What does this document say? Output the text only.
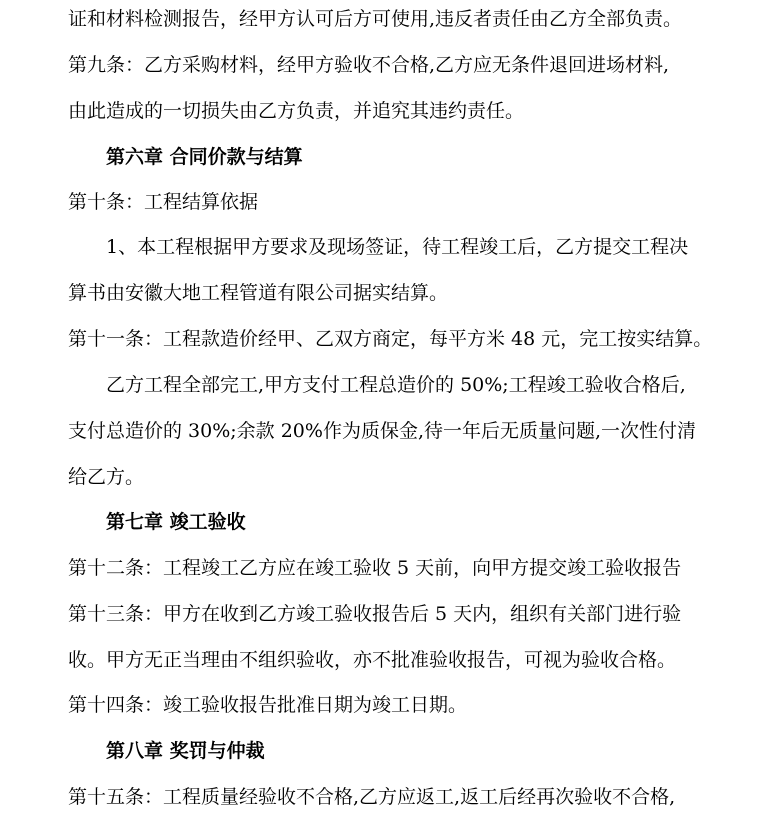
证和材料检测报告，经甲方认可后方可使用,违反者责任由乙方全部负责。
第九条：乙方采购材料，经甲方验收不合格,乙方应无条件退回进场材料,
由此造成的一切损失由乙方负责，并追究其违约责任。
第六章 合同价款与结算
第十条：工程结算依据
1、本工程根据甲方要求及现场签证，待工程竣工后，乙方提交工程决
算书由安徽大地工程管道有限公司据实结算。
第十一条：工程款造价经甲、乙双方商定，每平方米 48 元，完工按实结算。
乙方工程全部完工,甲方支付工程总造价的 50%;工程竣工验收合格后,
支付总造价的 30%;余款 20%作为质保金,待一年后无质量问题,一次性付清
给乙方。
第七章 竣工验收
第十二条：工程竣工乙方应在竣工验收 5 天前，向甲方提交竣工验收报告
第十三条：甲方在收到乙方竣工验收报告后 5 天内，组织有关部门进行验
收。甲方无正当理由不组织验收，亦不批准验收报告，可视为验收合格。
第十四条：竣工验收报告批准日期为竣工日期。
第八章 奖罚与仲裁
第十五条：工程质量经验收不合格,乙方应返工,返工后经再次验收不合格,
